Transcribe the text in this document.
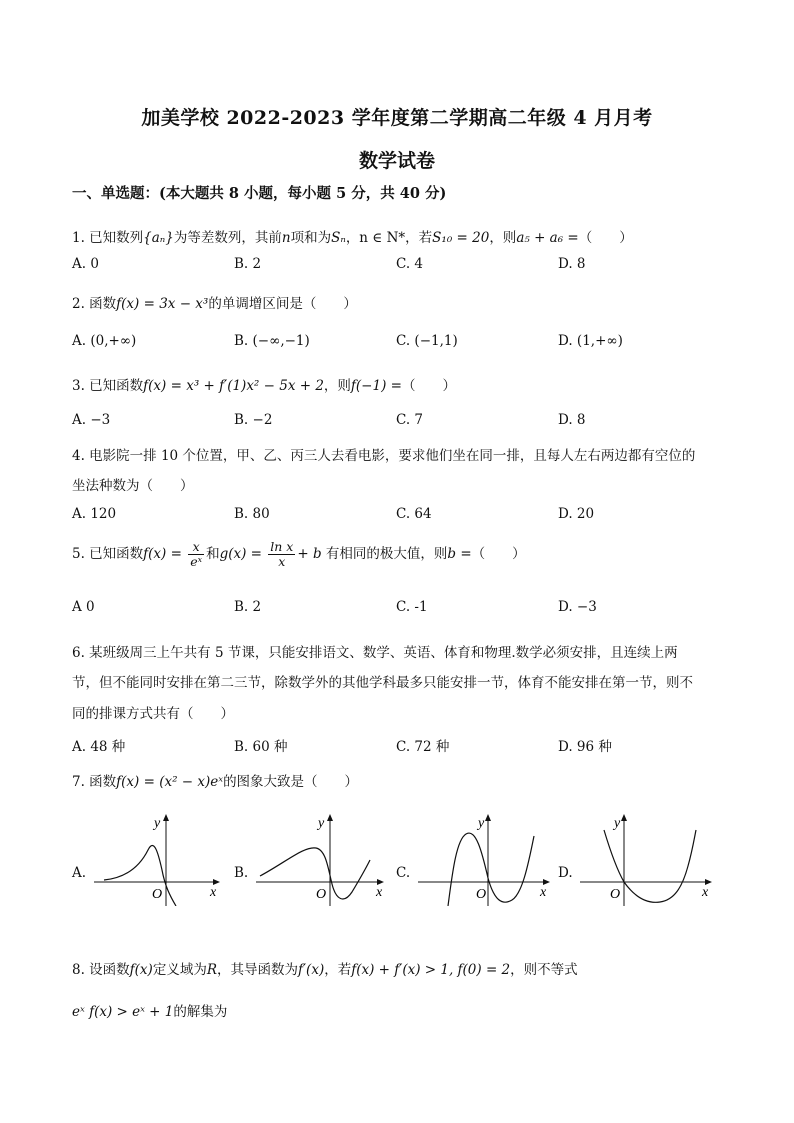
加美学校 2022-2023 学年度第二学期高二年级 4 月月考
数学试卷
一、单选题：(本大题共 8 小题，每小题 5 分，共 40 分)
1. 已知数列{aₙ}为等差数列，其前n项和为Sₙ，n ∈ N*，若S₁₀ = 20，则a₅ + a₆ =（　　）
A. 0	B. 2	C. 4	D. 8
2. 函数f(x) = 3x − x³的单调增区间是（　　）
A. (0,+∞)	B. (−∞,−1)	C. (−1,1)	D. (1,+∞)
3. 已知函数f(x) = x³ + f′(1)x² − 5x + 2，则f(−1) =（　　）
A. −3	B. −2	C. 7	D. 8
4. 电影院一排 10 个位置，甲、乙、丙三人去看电影，要求他们坐在同一排，且每人左右两边都有空位的
坐法种数为（　　）
A. 120	B. 80	C. 64	D. 20
5. 已知函数$f(x) = \frac{x}{\text{eˣ}}$ 和$g(x) = \frac{\text{ln x}}{x} + b$ 有相同的极大值，则b =（　　）
A 0	B. 2	C. -1	D. −3
6. 某班级周三上午共有 5 节课，只能安排语文、数学、英语、体育和物理.数学必须安排，且连续上两
节，但不能同时安排在第二三节，除数学外的其他学科最多只能安排一节，体育不能安排在第一节，则不
同的排课方式共有（　　）
A. 48 种	B. 60 种	C. 72 种	D. 96 种
7. 函数f(x) = (x² − x)eˣ的图象大致是（　　）
A.	B.	C.	D.
y
x
O
y
x
O
y
x
O
y
x
O
8. 设函数f(x)定义域为R，其导函数为f′(x)，若f(x) + f′(x) > 1, f(0) = 2，则不等式
eˣ f(x) > eˣ + 1的解集为
